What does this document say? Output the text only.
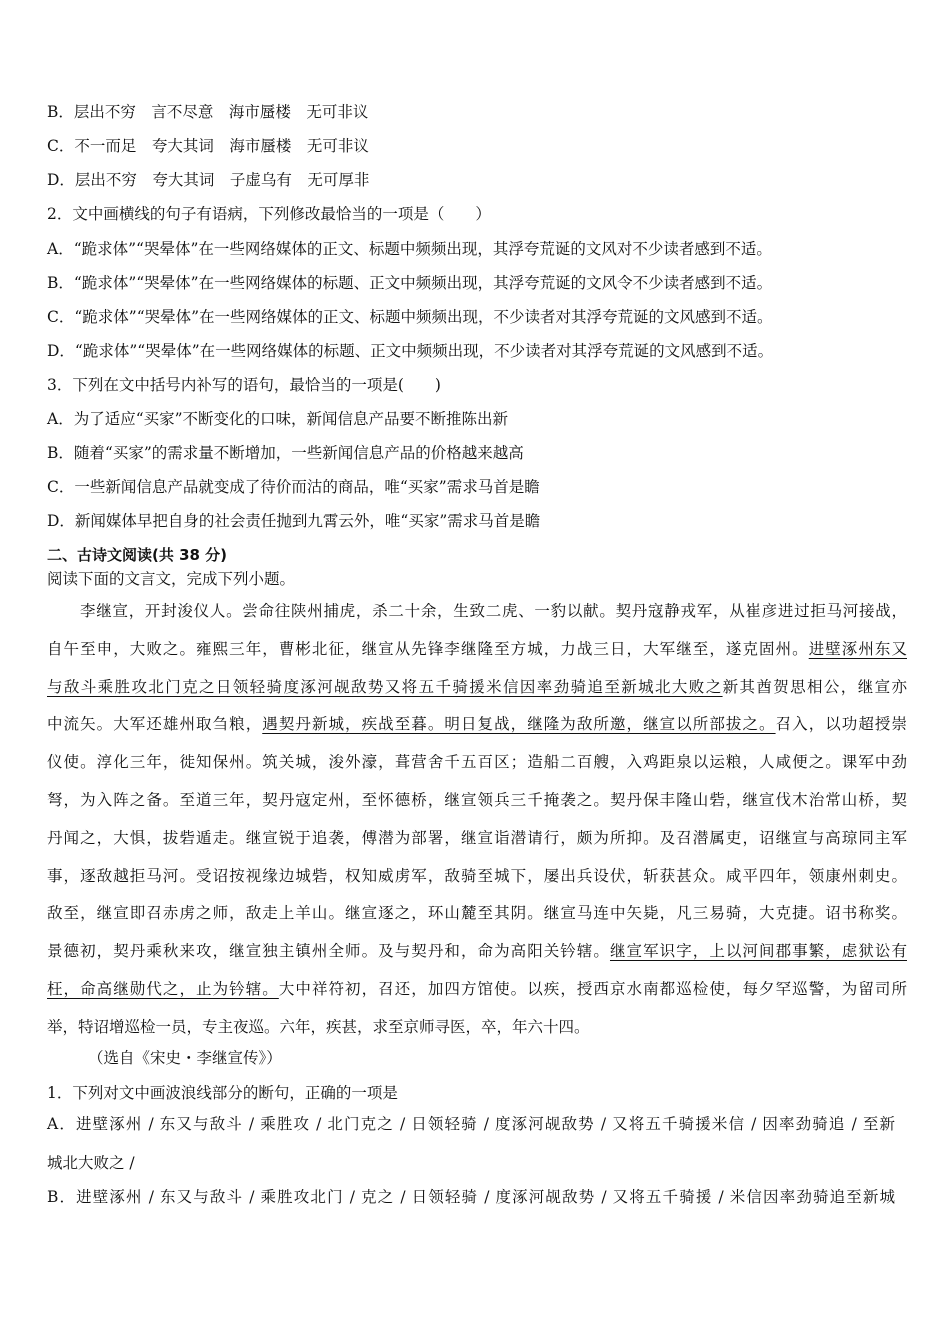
B．层出不穷　言不尽意　海市蜃楼　无可非议
C．不一而足　夸大其词　海市蜃楼　无可非议
D．层出不穷　夸大其词　子虚乌有　无可厚非
2．文中画横线的句子有语病，下列修改最恰当的一项是（　　）
A．“跪求体”“哭晕体”在一些网络媒体的正文、标题中频频出现，其浮夸荒诞的文风对不少读者感到不适。
B．“跪求体”“哭晕体”在一些网络媒体的标题、正文中频频出现，其浮夸荒诞的文风令不少读者感到不适。
C．“跪求体”“哭晕体”在一些网络媒体的正文、标题中频频出现，不少读者对其浮夸荒诞的文风感到不适。
D．“跪求体”“哭晕体”在一些网络媒体的标题、正文中频频出现，不少读者对其浮夸荒诞的文风感到不适。
3．下列在文中括号内补写的语句，最恰当的一项是(　　)
A．为了适应“买家”不断变化的口味，新闻信息产品要不断推陈出新
B．随着“买家”的需求量不断增加，一些新闻信息产品的价格越来越高
C．一些新闻信息产品就变成了待价而沽的商品，唯“买家”需求马首是瞻
D．新闻媒体早把自身的社会责任抛到九霄云外，唯“买家”需求马首是瞻
二、古诗文阅读(共 38 分)
阅读下面的文言文，完成下列小题。
李继宣，开封浚仪人。尝命往陕州捕虎，杀二十余，生致二虎、一豹以献。契丹寇静戎军，从崔彦进过拒马河接战，
自午至申，大败之。雍熙三年，曹彬北征，继宣从先锋李继隆至方城，力战三日，大军继至，遂克固州。进壁涿州东又
与敌斗乘胜攻北门克之日领轻骑度涿河觇敌势又将五千骑援米信因率劲骑追至新城北大败之新其酋贺思相公，继宣亦
中流矢。大军还雄州取刍粮，遇契丹新城，疾战至暮。明日复战，继隆为敌所邀，继宣以所部拔之。召入，以功超授崇
仪使。淳化三年，徙知保州。筑关城，浚外濠，葺营舍千五百区；造船二百艘，入鸡距泉以运粮，人咸便之。课军中劲
弩，为入阵之备。至道三年，契丹寇定州，至怀德桥，继宣领兵三千掩袭之。契丹保丰隆山砦，继宣伐木治常山桥，契
丹闻之，大惧，拔砦遁走。继宣锐于追袭，傅潜为部署，继宣诣潜请行，颇为所抑。及召潜属吏，诏继宣与高琼同主军
事，逐敌越拒马河。受诏按视缘边城砦，权知威虏军，敌骑至城下，屡出兵设伏，斩获甚众。咸平四年，领康州刺史。
敌至，继宣即召赤虏之师，敌走上羊山。继宣逐之，环山麓至其阴。继宣马连中矢毙，凡三易骑，大克捷。诏书称奖。
景德初，契丹乘秋来攻，继宣独主镇州全师。及与契丹和，命为高阳关钤辖。继宣军识字，上以河间郡事繁，虑狱讼有
枉，命高继勋代之，止为钤辖。大中祥符初，召还，加四方馆使。以疾，授西京水南都巡检使，每夕罕巡警，为留司所
举，特诏增巡检一员，专主夜巡。六年，疾甚，求至京师寻医，卒，年六十四。
（选自《宋史・李继宣传》）
1．下列对文中画波浪线部分的断句，正确的一项是
A．进壁涿州 / 东又与敌斗 / 乘胜攻 / 北门克之 / 日领轻骑 / 度涿河觇敌势 / 又将五千骑援米信 / 因率劲骑追 / 至新
城北大败之 /
B．进壁涿州 / 东又与敌斗 / 乘胜攻北门 / 克之 / 日领轻骑 / 度涿河觇敌势 / 又将五千骑援 / 米信因率劲骑追至新城
